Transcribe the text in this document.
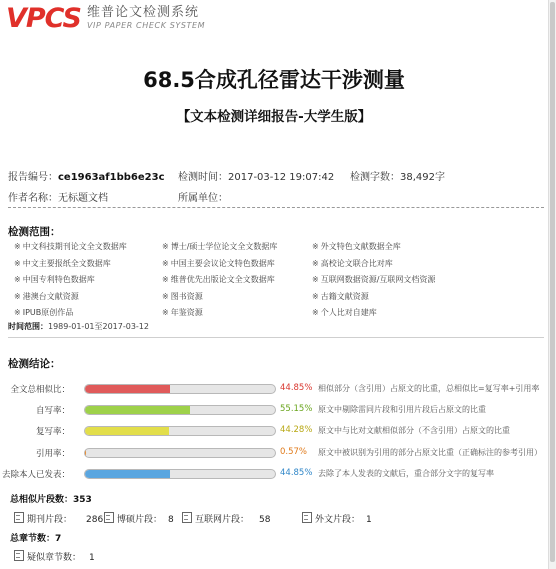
VPCS 维普论文检测系统
VIP PAPER CHECK SYSTEM
68.5合成孔径雷达干涉测量
【文本检测详细报告-大学生版】
报告编号：ce1963af1bb6e23c 检测时间：2017-03-12 19:07:42 检测字数：38,492字
作者名称：无标题文档	所属单位：
检测范围：
※ 中文科技期刊论文全文数据库	※ 博士/硕士学位论文全文数据库	※ 外文特色文献数据全库
※ 中文主要报纸全文数据库	※ 中国主要会议论文特色数据库	※ 高校论文联合比对库
※ 中国专利特色数据库	※ 维普优先出版论文全文数据库	※ 互联网数据资源/互联网文档资源
※ 港澳台文献资源	※ 图书资源	※ 古籍文献资源
※ IPUB原创作品	※ 年鉴资源	※ 个人比对自建库
时间范围：1989-01-01至2017-03-12
检测结论：
全文总相似比：	44.85% 相似部分（含引用）占原文的比重，总相似比=复写率+引用率
自写率：	55.15% 原文中剔除雷同片段和引用片段后占原文的比重
复写率：	44.28% 原文中与比对文献相似部分（不含引用）占原文的比重
引用率：	0.57% 原文中被识别为引用的部分占原文比重（正确标注的参考引用）
去除本人已发表：	44.85% 去除了本人发表的文献后，重合部分文字的复写率
总相似片段数：353
期刊片段： 286	博硕片段： 8	互联网片段： 58	外文片段： 1
总章节数：7
疑似章节数： 1
